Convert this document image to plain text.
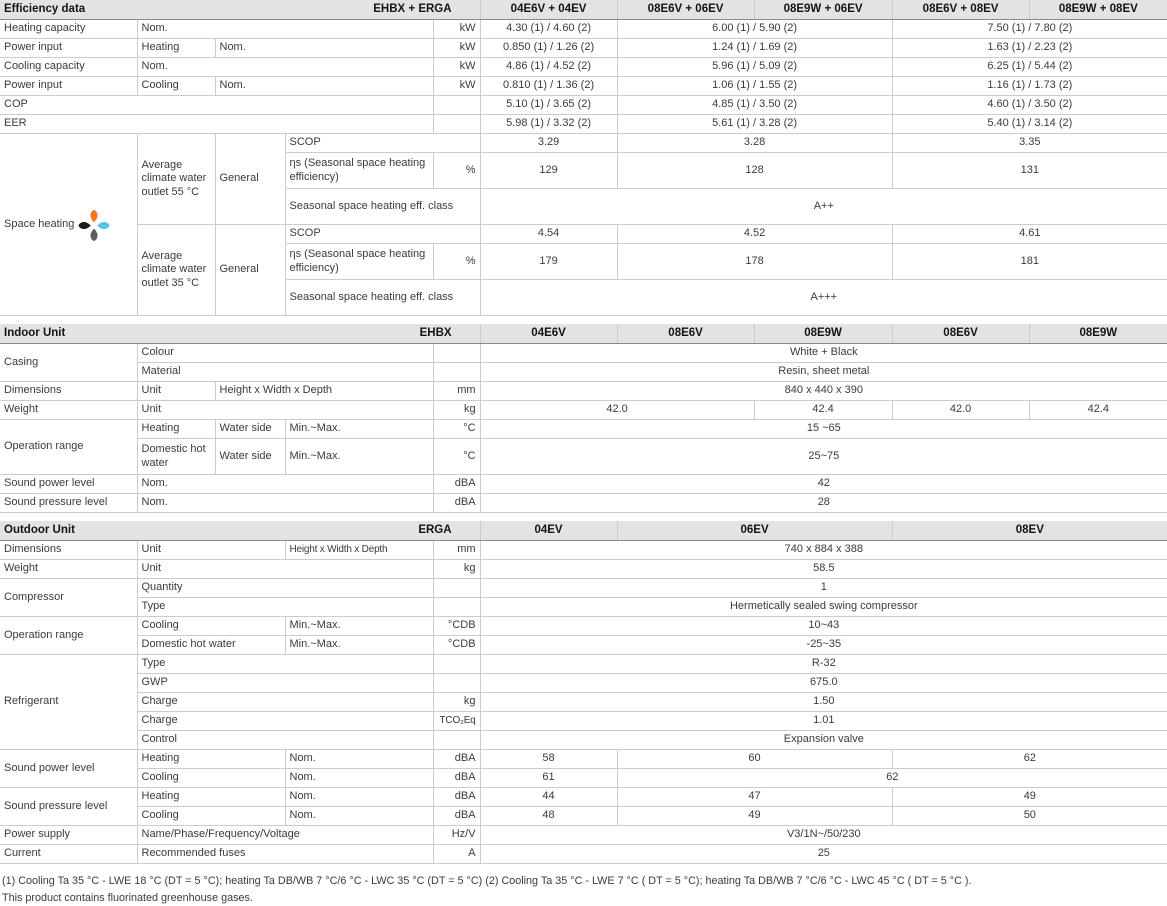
Efficiency data EHBX + ERGA					04E6V + 04EV	08E6V + 06EV	08E9W + 06EV	08E6V + 08EV	08E9W + 08EV
Heating capacity	Nom.			kW	4.30 (1) / 4.60 (2)	6.00 (1) / 5.90 (2)		7.50 (1) / 7.80 (2)	
Power input	Heating	Nom.		kW	0.850 (1) / 1.26 (2)	1.24 (1) / 1.69 (2)		1.63 (1) / 2.23 (2)	
Cooling capacity	Nom.			kW	4.86 (1) / 4.52 (2)	5.96 (1) / 5.09 (2)		6.25 (1) / 5.44 (2)	
Power input	Cooling	Nom.		kW	0.810 (1) / 1.36 (2)	1.06 (1) / 1.55 (2)		1.16 (1) / 1.73 (2)	
COP					5.10 (1) / 3.65 (2)	4.85 (1) / 3.50 (2)		4.60 (1) / 3.50 (2)	
EER					5.98 (1) / 3.32 (2)	5.61 (1) / 3.28 (2)		5.40 (1) / 3.14 (2)	

Space heating	Average climate water outlet 55 °C	General	SCOP		3.29	3.28		3.35	
			ηs (Seasonal space heating efficiency)	%	129	128		131	
			Seasonal space heating eff. class		A++				
	Average climate water outlet 35 °C	General	SCOP		4.54	4.52		4.61	
			ηs (Seasonal space heating efficiency)	%	179	178		181	
			Seasonal space heating eff. class		A+++				
Indoor Unit EHBX					04E6V	08E6V	08E9W	08E6V	08E9W
Casing	Colour				White + Black				
	Material				Resin, sheet metal				
Dimensions	Unit	Height x Width x Depth		mm	840 x 440 x 390				
Weight	Unit			kg	42.0		42.4	42.0	42.4
Operation range	Heating	Water side	Min.~Max.	°C	15 ~65				
	Domestic hot water	Water side	Min.~Max.	°C	25~75				
Sound power level	Nom.			dBA	42				
Sound pressure level	Nom.			dBA	28				
Outdoor Unit ERGA				04EV	06EV	08EV
Dimensions	Unit	Height x Width x Depth	mm	740 x 884 x 388		
Weight	Unit		kg	58.5		
Compressor	Quantity			1		
	Type			Hermetically sealed swing compressor		
Operation range	Cooling	Min.~Max.	°CDB	10~43		
	Domestic hot water	Min.~Max.	°CDB	-25~35		
Refrigerant	Type			R-32		
	GWP			675.0		
	Charge		kg	1.50		
	Charge		TCO₂Eq	1.01		
	Control			Expansion valve		
Sound power level	Heating	Nom.	dBA	58	60	62
	Cooling	Nom.	dBA	61	62	
Sound pressure level	Heating	Nom.	dBA	44	47	49
	Cooling	Nom.	dBA	48	49	50
Power supply	Name/Phase/Frequency/Voltage		Hz/V	V3/1N~/50/230		
Current	Recommended fuses		A	25		
(1) Cooling Ta 35 °C - LWE 18 °C (DT = 5 °C); heating Ta DB/WB 7 °C/6 °C - LWC 35 °C (DT = 5 °C) (2) Cooling Ta 35 °C - LWE 7 °C ( DT = 5 °C); heating Ta DB/WB 7 °C/6 °C - LWC 45 °C ( DT = 5 °C ).
This product contains fluorinated greenhouse gases.
